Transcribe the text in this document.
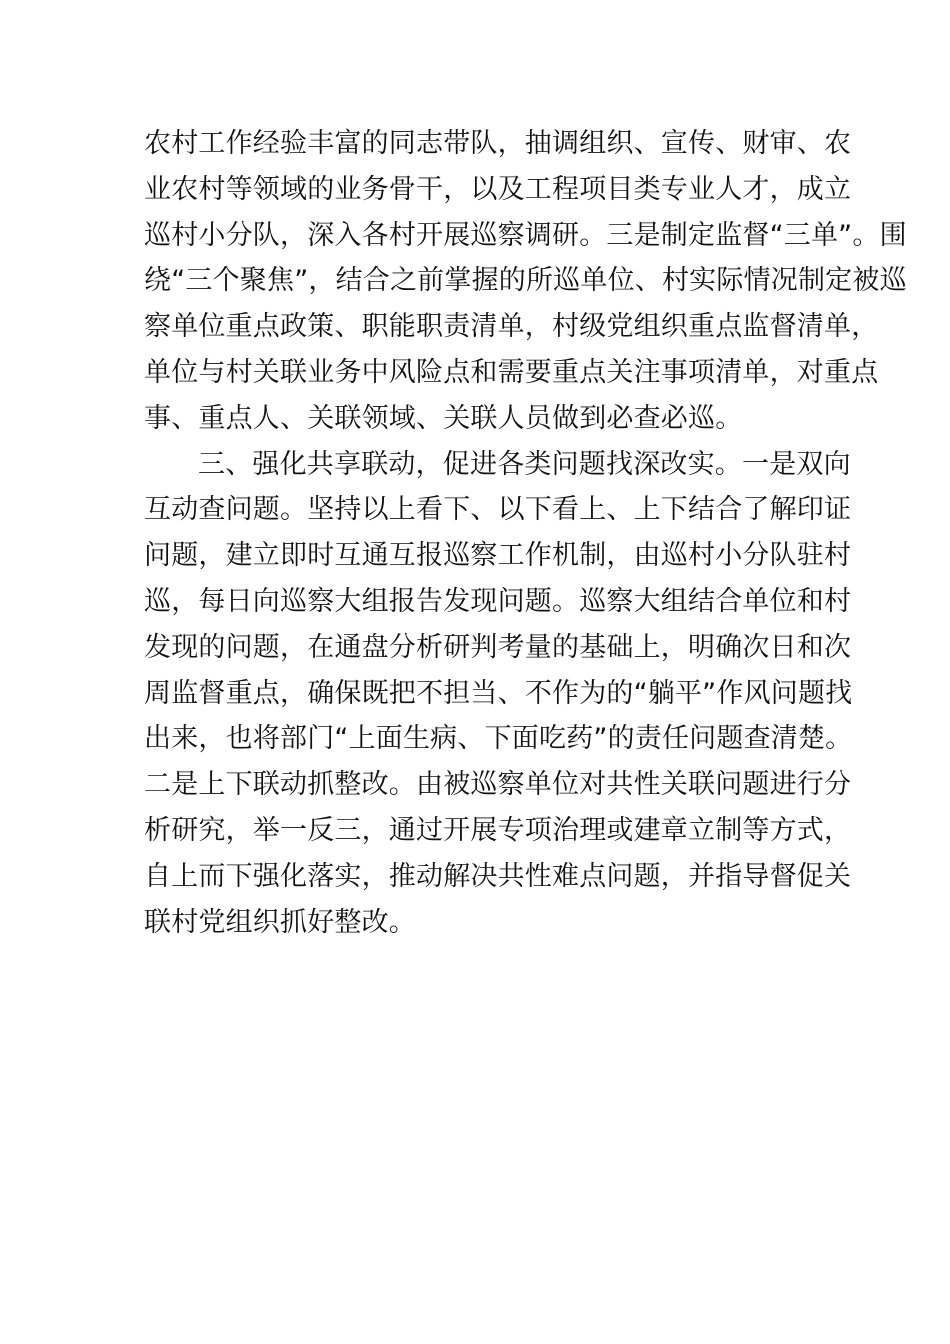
农村工作经验丰富的同志带队，抽调组织、宣传、财审、农
业农村等领域的业务骨干，以及工程项目类专业人才，成立
巡村小分队，深入各村开展巡察调研。三是制定监督“三单”。围
绕“三个聚焦”，结合之前掌握的所巡单位、村实际情况制定被巡
察单位重点政策、职能职责清单，村级党组织重点监督清单，
单位与村关联业务中风险点和需要重点关注事项清单，对重点
事、重点人、关联领域、关联人员做到必查必巡。
三、强化共享联动，促进各类问题找深改实。一是双向
互动查问题。坚持以上看下、以下看上、上下结合了解印证
问题，建立即时互通互报巡察工作机制，由巡村小分队驻村
巡，每日向巡察大组报告发现问题。巡察大组结合单位和村
发现的问题，在通盘分析研判考量的基础上，明确次日和次
周监督重点，确保既把不担当、不作为的“躺平”作风问题找
出来，也将部门“上面生病、下面吃药”的责任问题查清楚。
二是上下联动抓整改。由被巡察单位对共性关联问题进行分
析研究，举一反三，通过开展专项治理或建章立制等方式，
自上而下强化落实，推动解决共性难点问题，并指导督促关
联村党组织抓好整改。
